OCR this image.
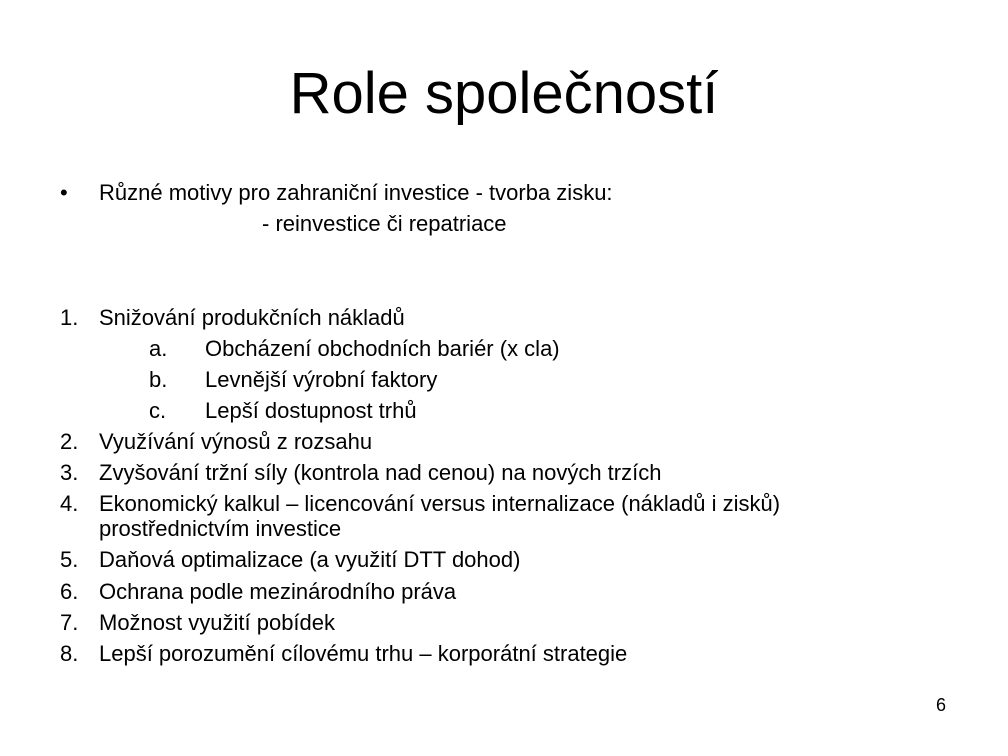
Role společností
• Různé motivy pro zahraniční investice - tvorba zisku:
- reinvestice či repatriace
1. Snižování produkčních nákladů
a. Obcházení obchodních bariér (x cla)
b. Levnější výrobní faktory
c. Lepší dostupnost trhů
2. Využívání výnosů z rozsahu
3. Zvyšování tržní síly (kontrola nad cenou) na nových trzích
4. Ekonomický kalkul – licencování versus internalizace (nákladů i zisků)
prostřednictvím investice
5. Daňová optimalizace (a využití DTT dohod)
6. Ochrana podle mezinárodního práva
7. Možnost využití pobídek
8. Lepší porozumění cílovému trhu – korporátní strategie
6
